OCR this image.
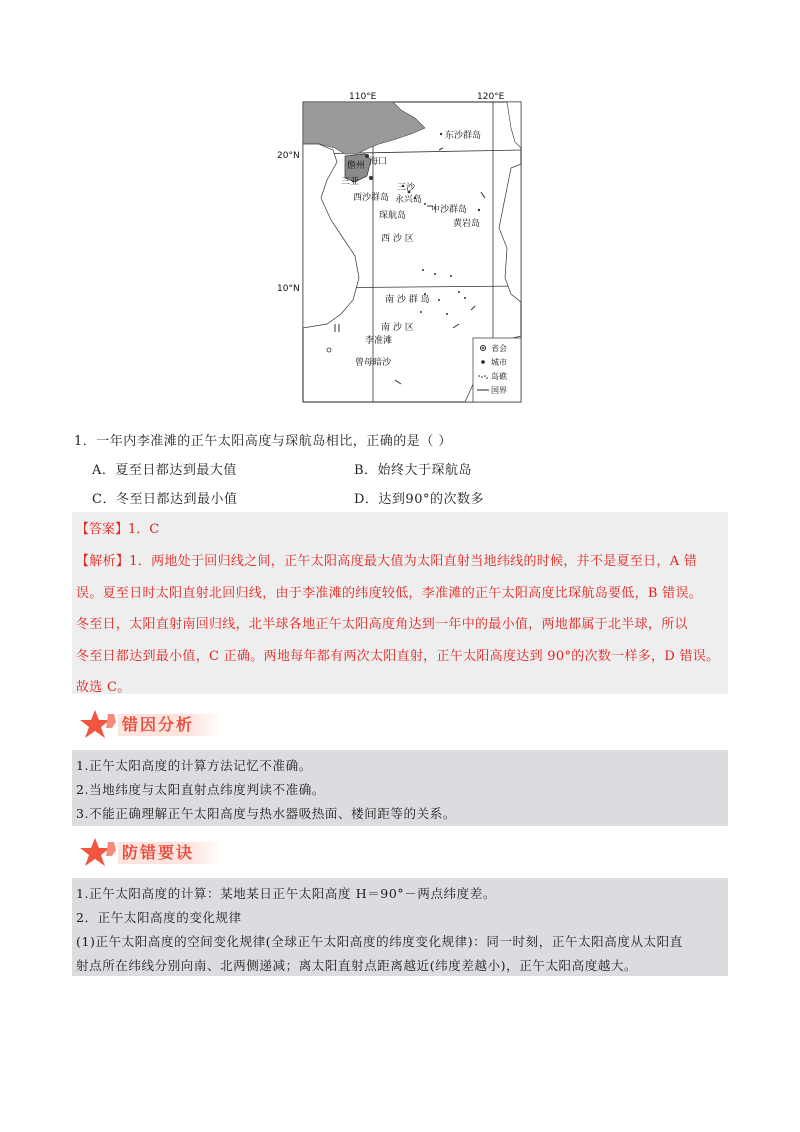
110°E	120°E
20°N
10°N
东沙群岛
儋州 海口
三亚
三沙
西沙群岛 永兴岛
琛航岛
中沙群岛
黄岩岛
西 沙 区
南 沙 群 岛
南 沙 区
李准滩
曾母暗沙
省会
城市
岛礁
国界
1．一年内李准滩的正午太阳高度与琛航岛相比，正确的是（ ）
A．夏至日都达到最大值	B．始终大于琛航岛
C．冬至日都达到最小值	D．达到90°的次数多
【答案】1．C
【解析】1．两地处于回归线之间，正午太阳高度最大值为太阳直射当地纬线的时候，并不是夏至日，A 错
误。夏至日时太阳直射北回归线，由于李准滩的纬度较低，李准滩的正午太阳高度比琛航岛要低，B 错误。
冬至日，太阳直射南回归线，北半球各地正午太阳高度角达到一年中的最小值，两地都属于北半球，所以
冬至日都达到最小值，C 正确。两地每年都有两次太阳直射，正午太阳高度达到 90°的次数一样多，D 错误。
故选 C。
错因分析
1.正午太阳高度的计算方法记忆不准确。
2.当地纬度与太阳直射点纬度判读不准确。
3.不能正确理解正午太阳高度与热水器吸热面、楼间距等的关系。
防错要诀
1.正午太阳高度的计算：某地某日正午太阳高度 H＝90°－两点纬度差。
2．正午太阳高度的变化规律
(1)正午太阳高度的空间变化规律(全球正午太阳高度的纬度变化规律)：同一时刻，正午太阳高度从太阳直
射点所在纬线分别向南、北两侧递减；离太阳直射点距离越近(纬度差越小)，正午太阳高度越大。
